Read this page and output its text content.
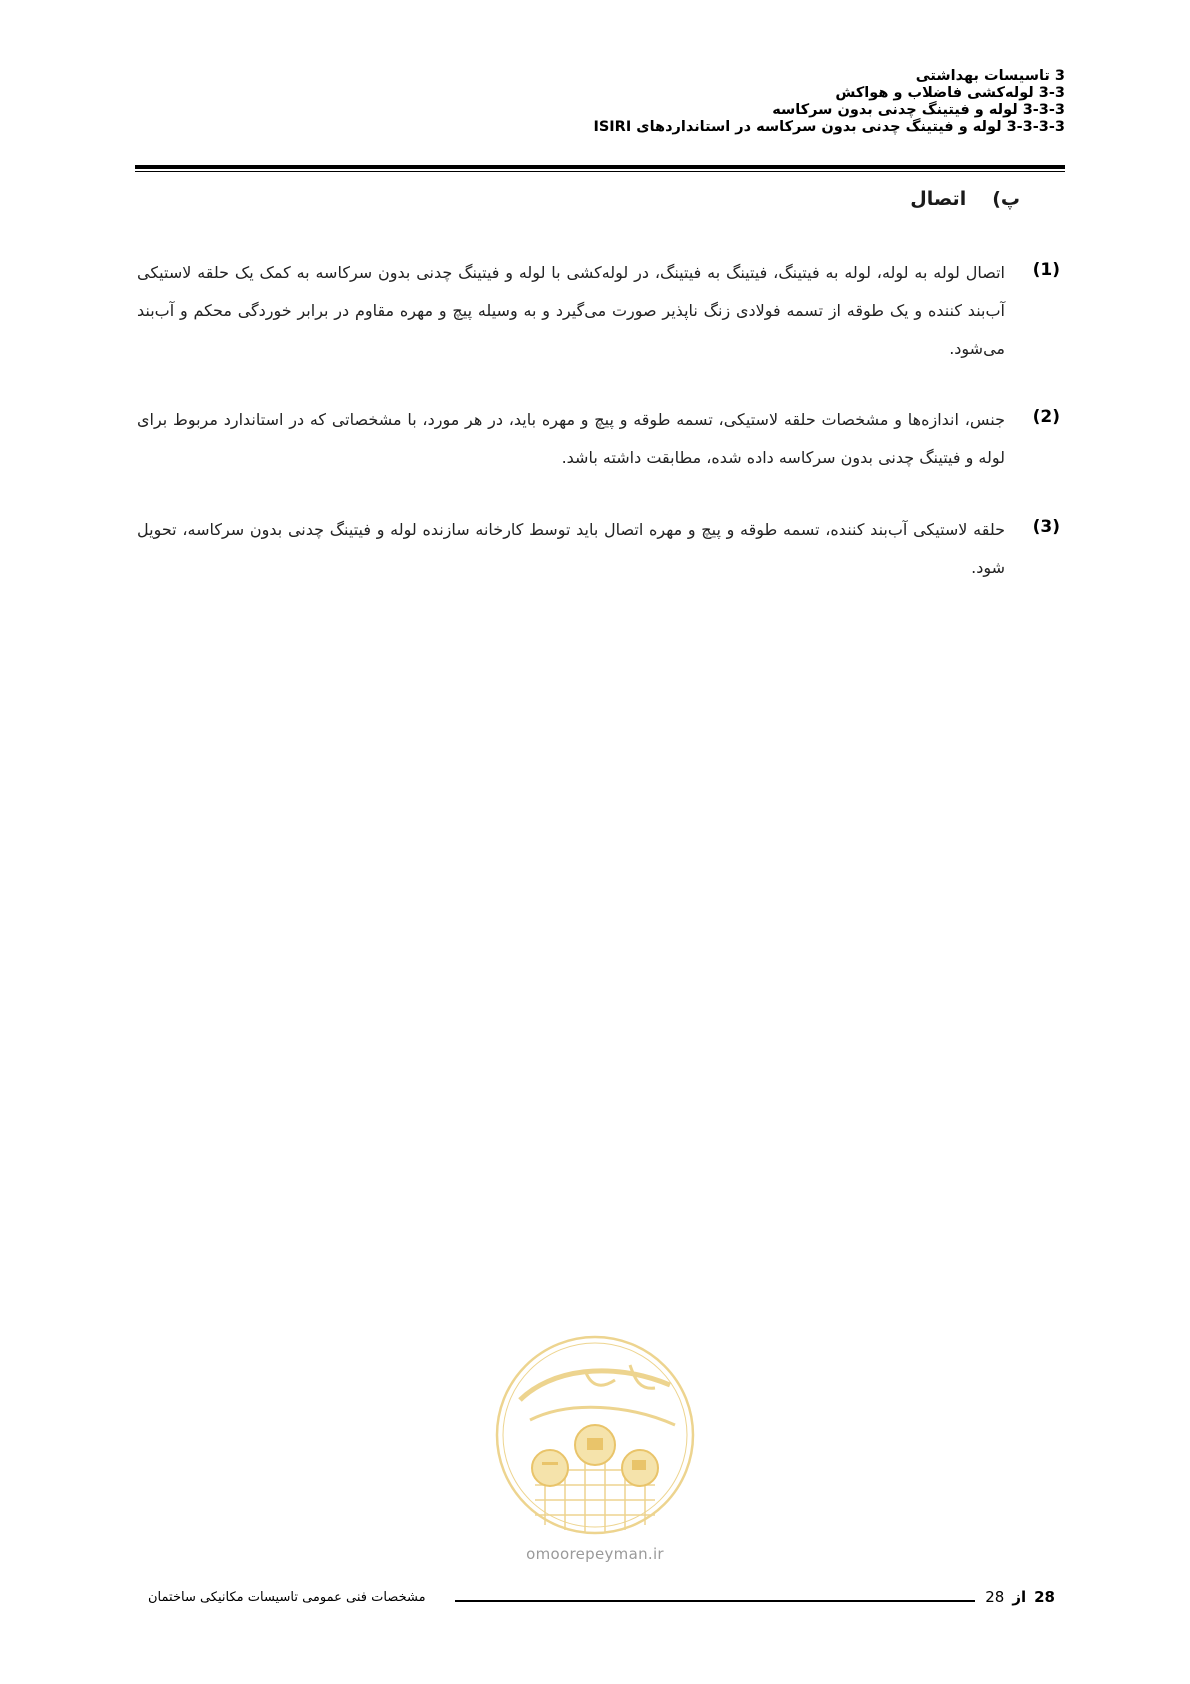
3 تاسیسات بهداشتی
3-3 لوله‌کشی فاضلاب و هواکش
3-3-3 لوله و فیتینگ چدنی بدون سرکاسه
3-3-3-3 لوله و فیتینگ چدنی بدون سرکاسه در استانداردهای ISIRI
پ)
اتصال
(1)
اتصال لوله به لوله، لوله به فیتینگ، فیتینگ به فیتینگ، در لوله‌کشی با لوله و فیتینگ چدنی بدون سرکاسه به کمک یک حلقه لاستیکی آب‌بند کننده و یک طوقه از تسمه فولادی زنگ ناپذیر صورت می‌گیرد و به وسیله پیچ و مهره مقاوم در برابر خوردگی محکم و آب‌بند می‌شود.
(2)
جنس، اندازه‌ها و مشخصات حلقه لاستیکی، تسمه طوقه و پیچ و مهره باید، در هر مورد، با مشخصاتی که در استاندارد مربوط برای لوله و فیتینگ چدنی بدون سرکاسه داده شده، مطابقت داشته باشد.
(3)
حلقه لاستیکی آب‌بند کننده، تسمه طوقه و پیچ و مهره اتصال باید توسط کارخانه سازنده لوله و فیتینگ چدنی بدون سرکاسه، تحویل شود.
omoorepeyman.ir
28
از
28
مشخصات فنی عمومی تاسیسات مکانیکی ساختمان
